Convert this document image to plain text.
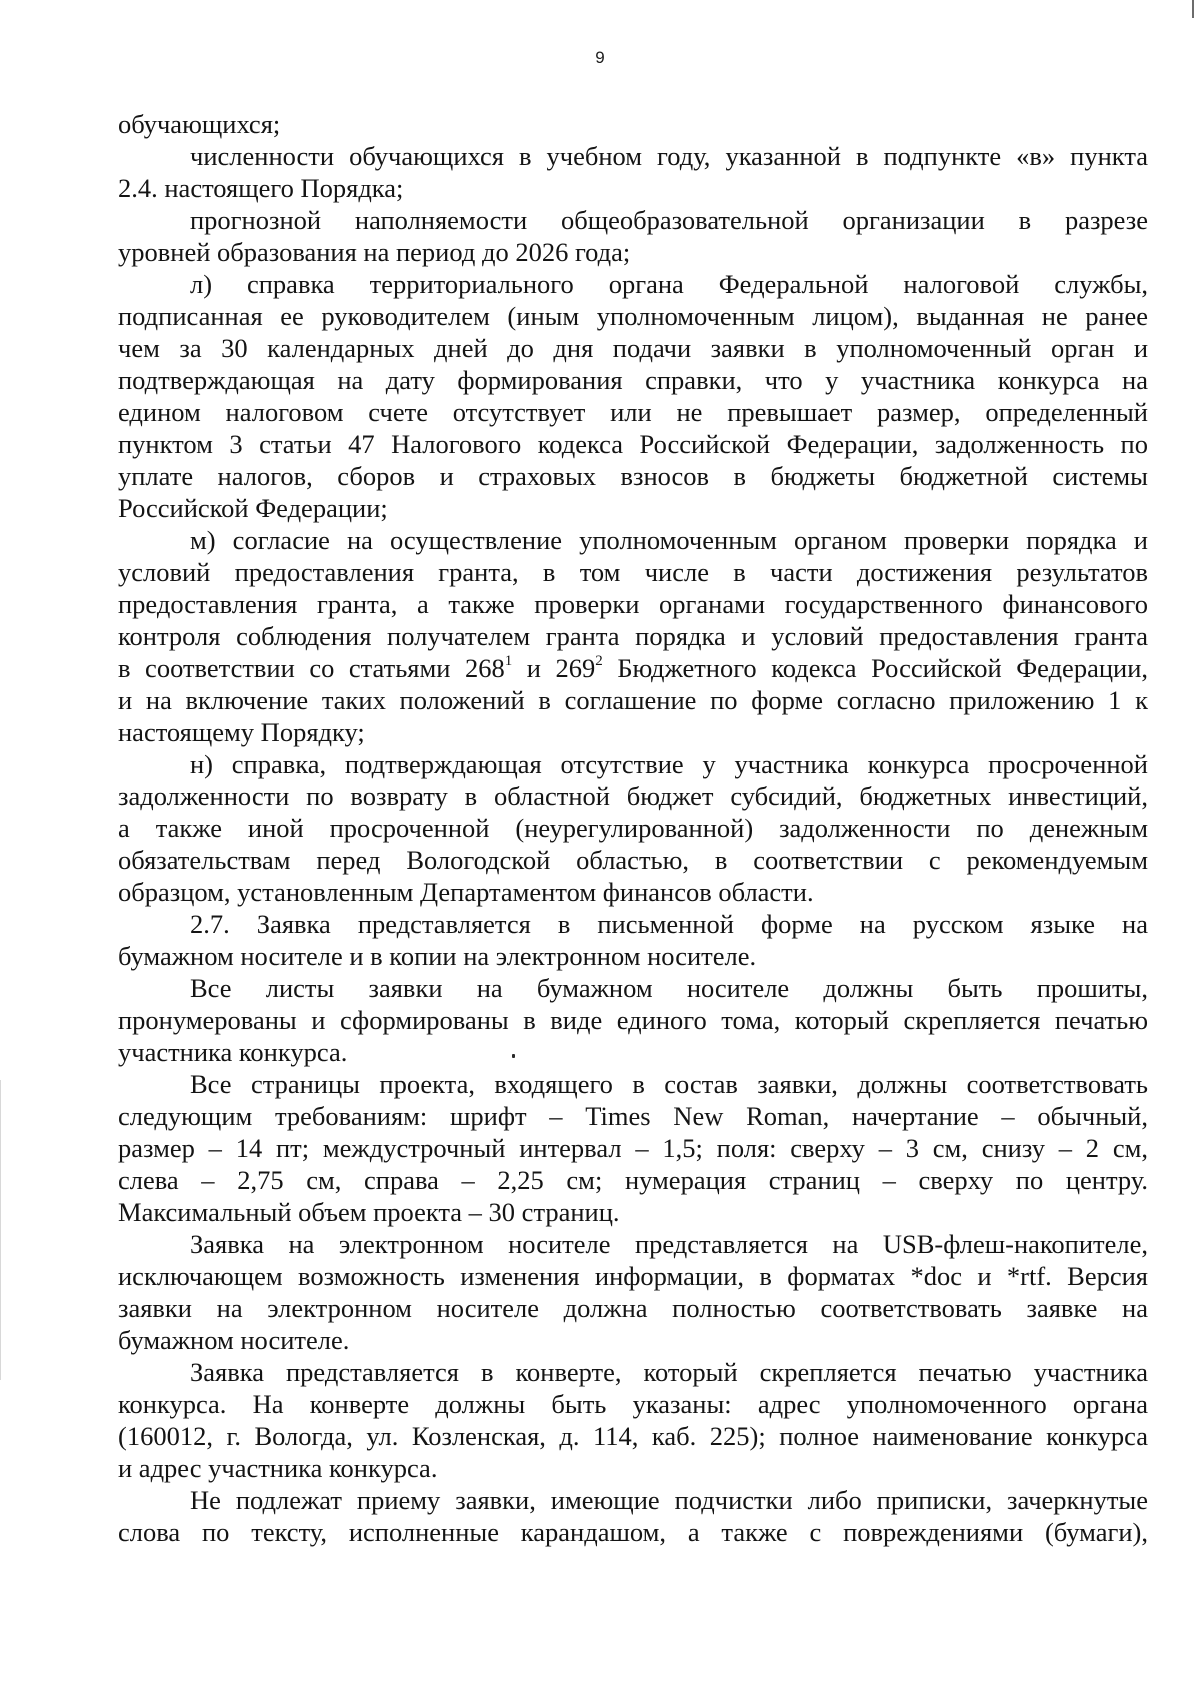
9
обучающихся;
численности обучающихся в учебном году, указанной в подпункте «в» пункта
2.4. настоящего Порядка;
прогнозной наполняемости общеобразовательной организации в разрезе
уровней образования на период до 2026 года;
л) справка территориального органа Федеральной налоговой службы,
подписанная ее руководителем (иным уполномоченным лицом), выданная не ранее
чем за 30 календарных дней до дня подачи заявки в уполномоченный орган и
подтверждающая на дату формирования справки, что у участника конкурса на
едином налоговом счете отсутствует или не превышает размер, определенный
пунктом 3 статьи 47 Налогового кодекса Российской Федерации, задолженность по
уплате налогов, сборов и страховых взносов в бюджеты бюджетной системы
Российской Федерации;
м) согласие на осуществление уполномоченным органом проверки порядка и
условий предоставления гранта, в том числе в части достижения результатов
предоставления гранта, а также проверки органами государственного финансового
контроля соблюдения получателем гранта порядка и условий предоставления гранта
в соответствии со статьями $268^1$ и $269^2$ Бюджетного кодекса Российской Федерации,
и на включение таких положений в соглашение по форме согласно приложению 1 к
настоящему Порядку;
н) справка, подтверждающая отсутствие у участника конкурса просроченной
задолженности по возврату в областной бюджет субсидий, бюджетных инвестиций,
а также иной просроченной (неурегулированной) задолженности по денежным
обязательствам перед Вологодской областью, в соответствии с рекомендуемым
образцом, установленным Департаментом финансов области.
2.7. Заявка представляется в письменной форме на русском языке на
бумажном носителе и в копии на электронном носителе.
Все листы заявки на бумажном носителе должны быть прошиты,
пронумерованы и сформированы в виде единого тома, который скрепляется печатью
участника конкурса.
Все страницы проекта, входящего в состав заявки, должны соответствовать
следующим требованиям: шрифт – Times New Roman, начертание – обычный,
размер – 14 пт; междустрочный интервал – 1,5; поля: сверху – 3 см, снизу – 2 см,
слева – 2,75 см, справа – 2,25 см; нумерация страниц – сверху по центру.
Максимальный объем проекта – 30 страниц.
Заявка на электронном носителе представляется на USB-флеш-накопителе,
исключающем возможность изменения информации, в форматах *doc и *rtf. Версия
заявки на электронном носителе должна полностью соответствовать заявке на
бумажном носителе.
Заявка представляется в конверте, который скрепляется печатью участника
конкурса. На конверте должны быть указаны: адрес уполномоченного органа
(160012, г. Вологда, ул. Козленская, д. 114, каб. 225); полное наименование конкурса
и адрес участника конкурса.
Не подлежат приему заявки, имеющие подчистки либо приписки, зачеркнутые
слова по тексту, исполненные карандашом, а также с повреждениями (бумаги),
